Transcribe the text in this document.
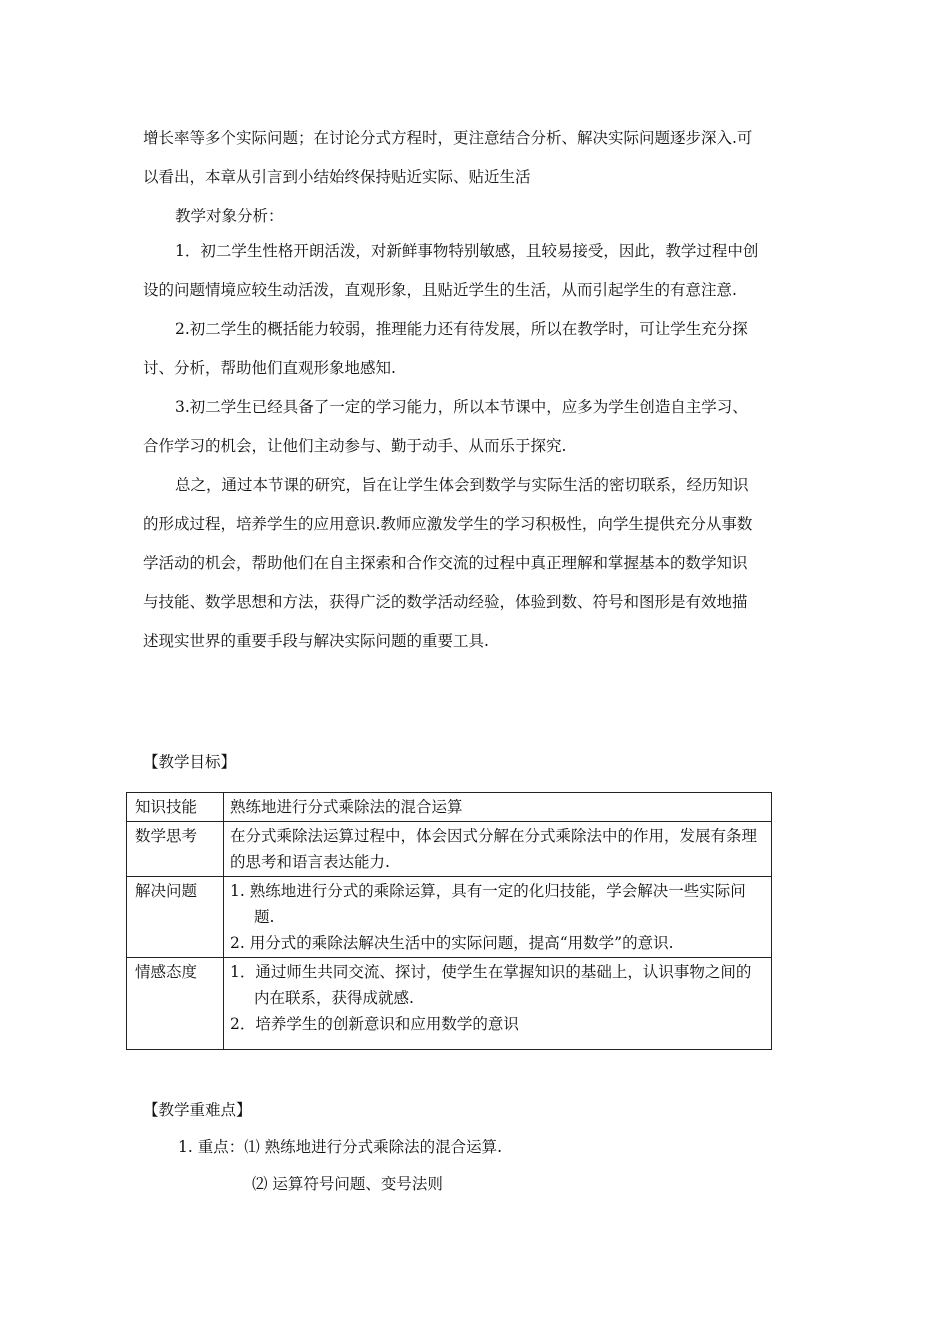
增长率等多个实际问题；在讨论分式方程时，更注意结合分析、解决实际问题逐步深入.可
以看出，本章从引言到小结始终保持贴近实际、贴近生活
教学对象分析：
1．初二学生性格开朗活泼，对新鲜事物特别敏感，且较易接受，因此，教学过程中创
设的问题情境应较生动活泼，直观形象，且贴近学生的生活，从而引起学生的有意注意.
2.初二学生的概括能力较弱，推理能力还有待发展，所以在教学时，可让学生充分探
讨、分析，帮助他们直观形象地感知.
3.初二学生已经具备了一定的学习能力，所以本节课中，应多为学生创造自主学习、
合作学习的机会，让他们主动参与、勤于动手、从而乐于探究.
总之，通过本节课的研究，旨在让学生体会到数学与实际生活的密切联系，经历知识
的形成过程，培养学生的应用意识.教师应激发学生的学习积极性，向学生提供充分从事数
学活动的机会，帮助他们在自主探索和合作交流的过程中真正理解和掌握基本的数学知识
与技能、数学思想和方法，获得广泛的数学活动经验，体验到数、符号和图形是有效地描
述现实世界的重要手段与解决实际问题的重要工具.
【教学目标】
知识技能	熟练地进行分式乘除法的混合运算
数学思考	在分式乘除法运算过程中，体会因式分解在分式乘除法中的作用，发展有条理的思考和语言表达能力.
解决问题	1. 熟练地进行分式的乘除运算，具有一定的化归技能，学会解决一些实际问题.
2. 用分式的乘除法解决生活中的实际问题，提高“用数学”的意识.

情感态度	1．通过师生共同交流、探讨，使学生在掌握知识的基础上，认识事物之间的内在联系，获得成就感.
2．培养学生的创新意识和应用数学的意识
【教学重难点】
1. 重点：⑴ 熟练地进行分式乘除法的混合运算.
⑵ 运算符号问题、变号法则
